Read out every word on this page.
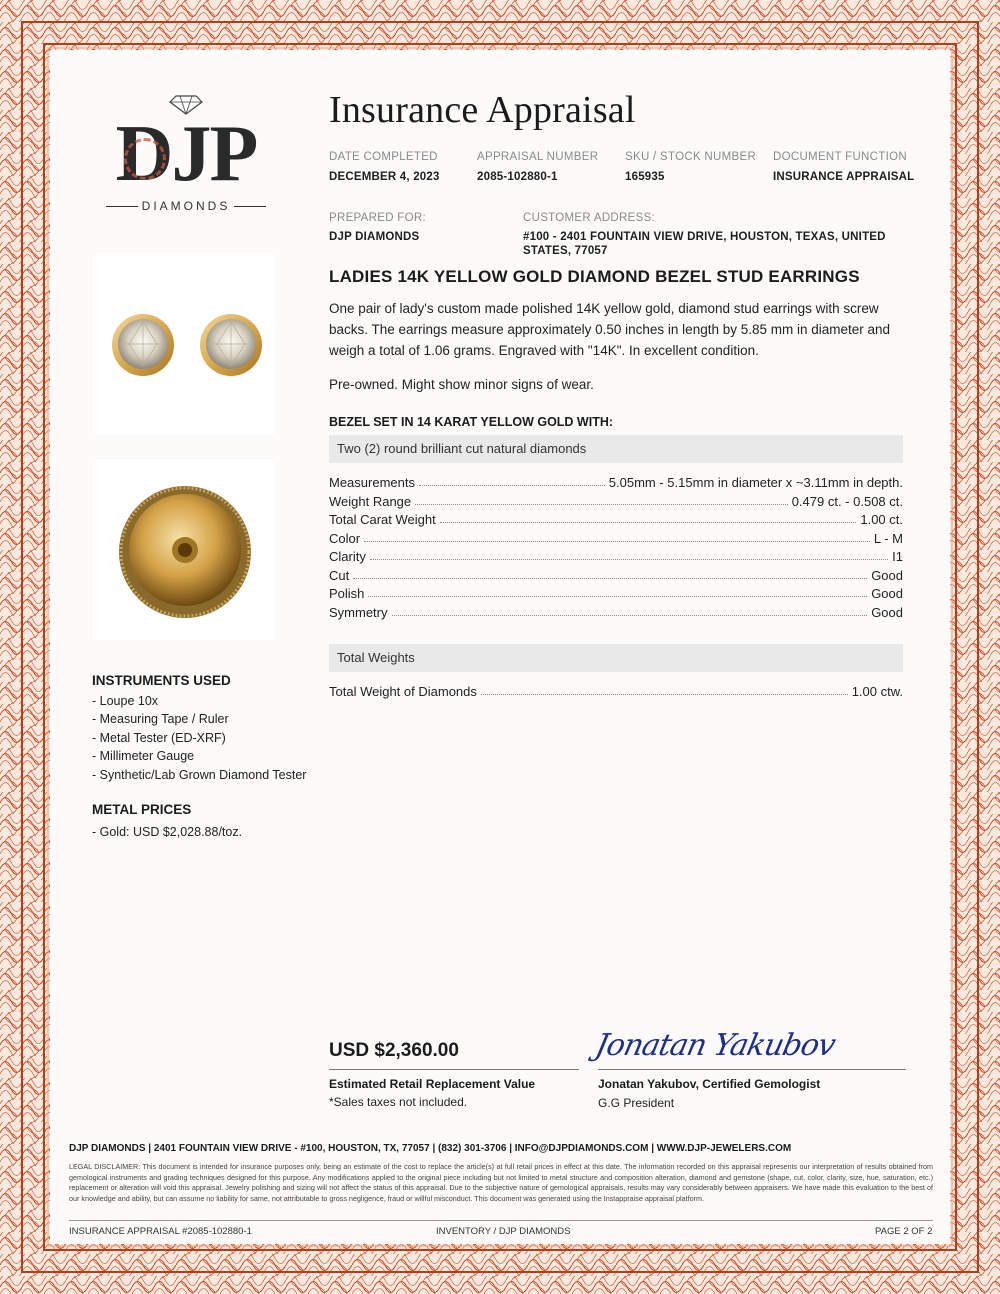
DJP
DIAMONDS
Insurance Appraisal
DATE COMPLETED
DECEMBER 4, 2023
APPRAISAL NUMBER
2085-102880-1
SKU / STOCK NUMBER
165935
DOCUMENT FUNCTION
INSURANCE APPRAISAL
PREPARED FOR:
DJP DIAMONDS
CUSTOMER ADDRESS:
#100 - 2401 FOUNTAIN VIEW DRIVE, HOUSTON, TEXAS, UNITED STATES, 77057
LADIES 14K YELLOW GOLD DIAMOND BEZEL STUD EARRINGS
One pair of lady's custom made polished 14K yellow gold, diamond stud earrings with screw backs. The earrings measure approximately 0.50 inches in length by 5.85 mm in diameter and weigh a total of 1.06 grams. Engraved with "14K". In excellent condition.
Pre-owned. Might show minor signs of wear.
BEZEL SET IN 14 KARAT YELLOW GOLD WITH:
Two (2) round brilliant cut natural diamonds
Measurements	5.05mm - 5.15mm in diameter x ~3.11mm in depth.
Weight Range	0.479 ct. - 0.508 ct.
Total Carat Weight	1.00 ct.
Color	L - M
Clarity	I1
Cut	Good
Polish	Good
Symmetry	Good
Total Weights
Total Weight of Diamonds	1.00 ctw.
INSTRUMENTS USED
- Loupe 10x
- Measuring Tape / Ruler
- Metal Tester (ED-XRF)
- Millimeter Gauge
- Synthetic/Lab Grown Diamond Tester
METAL PRICES
- Gold: USD $2,028.88/toz.
USD $2,360.00
Estimated Retail Replacement Value
*Sales taxes not included.
Jonatan Yakubov
Jonatan Yakubov, Certified Gemologist
G.G President
DJP DIAMONDS | 2401 FOUNTAIN VIEW DRIVE - #100, HOUSTON, TX, 77057 | (832) 301-3706 | INFO@DJPDIAMONDS.COM | WWW.DJP-JEWELERS.COM
LEGAL DISCLAIMER: This document is intended for insurance purposes only, being an estimate of the cost to replace the article(s) at full retail prices in effect at this date. The information recorded on this appraisal represents our interpretation of results obtained from gemological instruments and grading techniques designed for this purpose. Any modifications applied to the original piece including but not limited to metal structure and composition alteration, diamond and gemstone (shape, cut, color, clarity, size, hue, saturation, etc.) replacement or alteration will void this appraisal. Jewelry polishing and sizing will not affect the status of this appraisal. Due to the subjective nature of gemological appraisals, results may vary considerably between appraisers. We have made this evaluation to the best of our knowledge and ability, but can assume no liability for same, not attributable to gross negligence, fraud or willful misconduct. This document was generated using the Instappraise appraisal platform.
INSURANCE APPRAISAL #2085-102880-1	INVENTORY / DJP DIAMONDS	PAGE 2 OF 2
